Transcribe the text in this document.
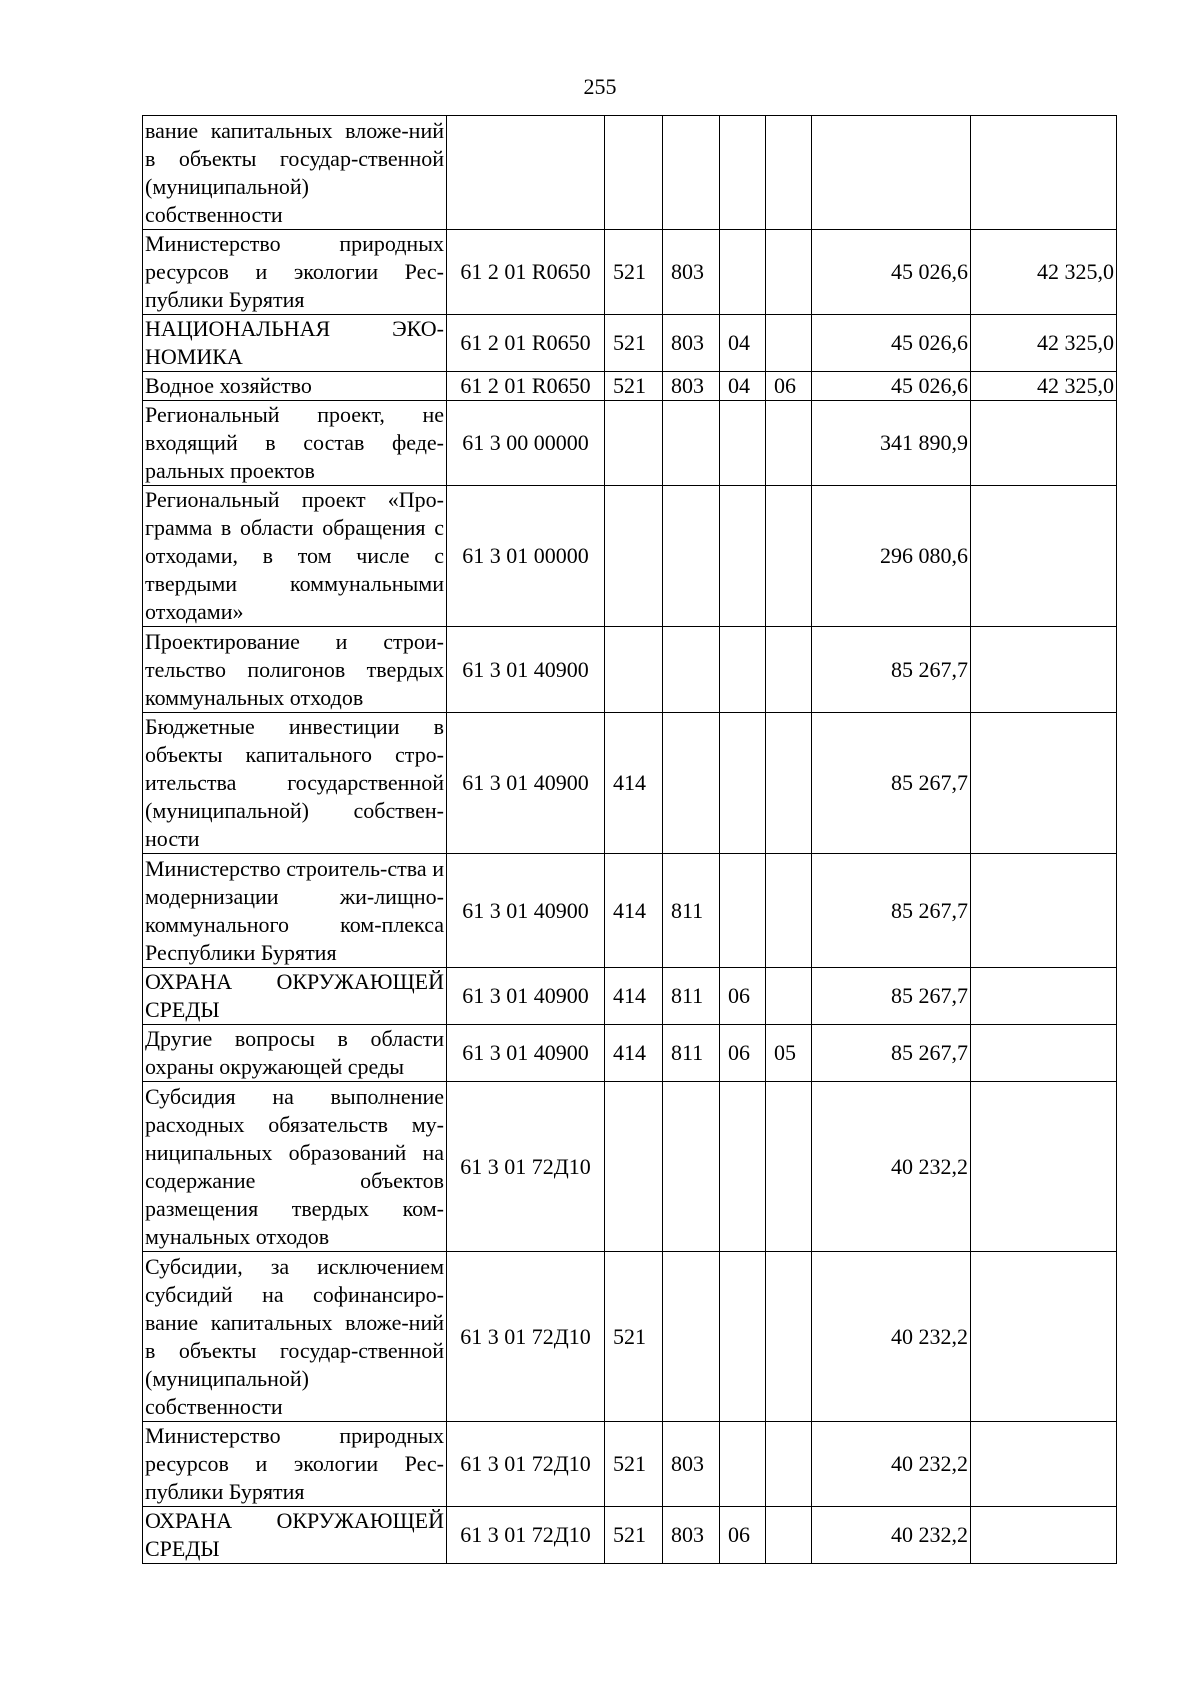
255
вание капитальных вложе-ний в объекты государ-ственной (муниципальной) собственности							
Министерство природных ресурсов и экологии Рес-публики Бурятия	61 2 01 R0650	521	803			45 026,6	42 325,0
НАЦИОНАЛЬНАЯ ЭКО-НОМИКА	61 2 01 R0650	521	803	04		45 026,6	42 325,0
Водное хозяйство	61 2 01 R0650	521	803	04	06	45 026,6	42 325,0
Региональный проект, не входящий в состав феде-ральных проектов	61 3 00 00000					341 890,9	
Региональный проект «Про-грамма в области обращения с отходами, в том числе с твердыми коммунальными отходами»	61 3 01 00000					296 080,6	
Проектирование и строи-тельство полигонов твердых коммунальных отходов	61 3 01 40900					85 267,7	
Бюджетные инвестиции в объекты капитального стро-ительства государственной (муниципальной) собствен-ности	61 3 01 40900	414				85 267,7	
Министерство строитель-ства и модернизации жи-лищно-коммунального ком-плекса Республики Бурятия	61 3 01 40900	414	811			85 267,7	
ОХРАНА ОКРУЖАЮЩЕЙ СРЕДЫ	61 3 01 40900	414	811	06		85 267,7	
Другие вопросы в области охраны окружающей среды	61 3 01 40900	414	811	06	05	85 267,7	
Субсидия на выполнение расходных обязательств му-ниципальных образований на содержание объектов размещения твердых ком-мунальных отходов	61 3 01 72Д10					40 232,2	
Субсидии, за исключением субсидий на софинансиро-вание капитальных вложе-ний в объекты государ-ственной (муниципальной) собственности	61 3 01 72Д10	521				40 232,2	
Министерство природных ресурсов и экологии Рес-публики Бурятия	61 3 01 72Д10	521	803			40 232,2	
ОХРАНА ОКРУЖАЮЩЕЙ СРЕДЫ	61 3 01 72Д10	521	803	06		40 232,2	
